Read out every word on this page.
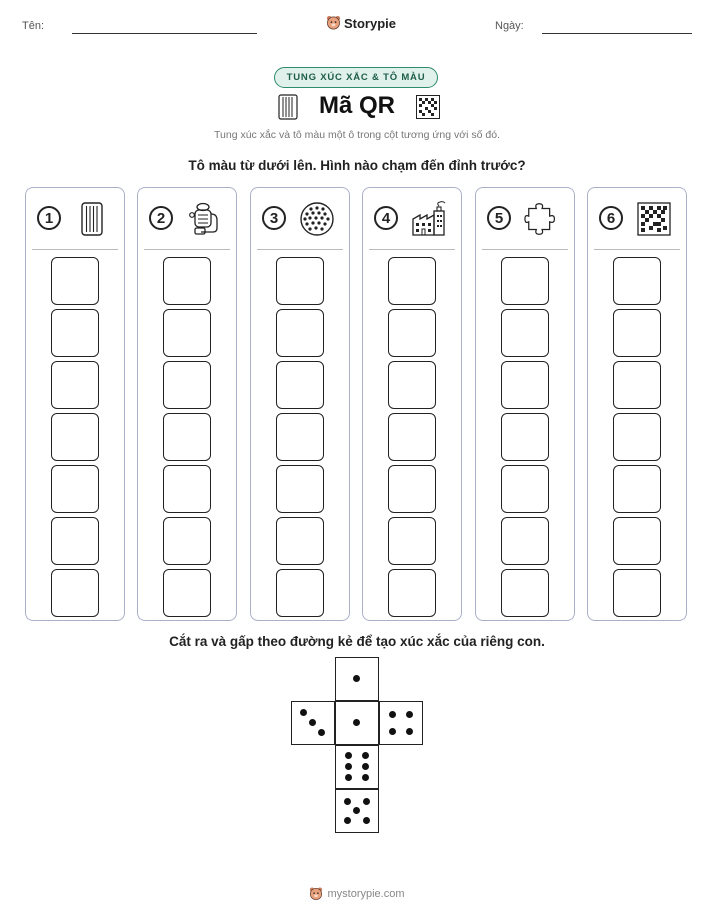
Tên:	Storypie	Ngày:
TUNG XÚC XẮC & TÔ MÀU
Mã QR
Tung xúc xắc và tô màu một ô trong cột tương ứng với số đó.
Tô màu từ dưới lên. Hình nào chạm đến đỉnh trước?
1	2	3	4	5	6
Cắt ra và gấp theo đường kẻ để tạo xúc xắc của riêng con.
mystorypie.com
